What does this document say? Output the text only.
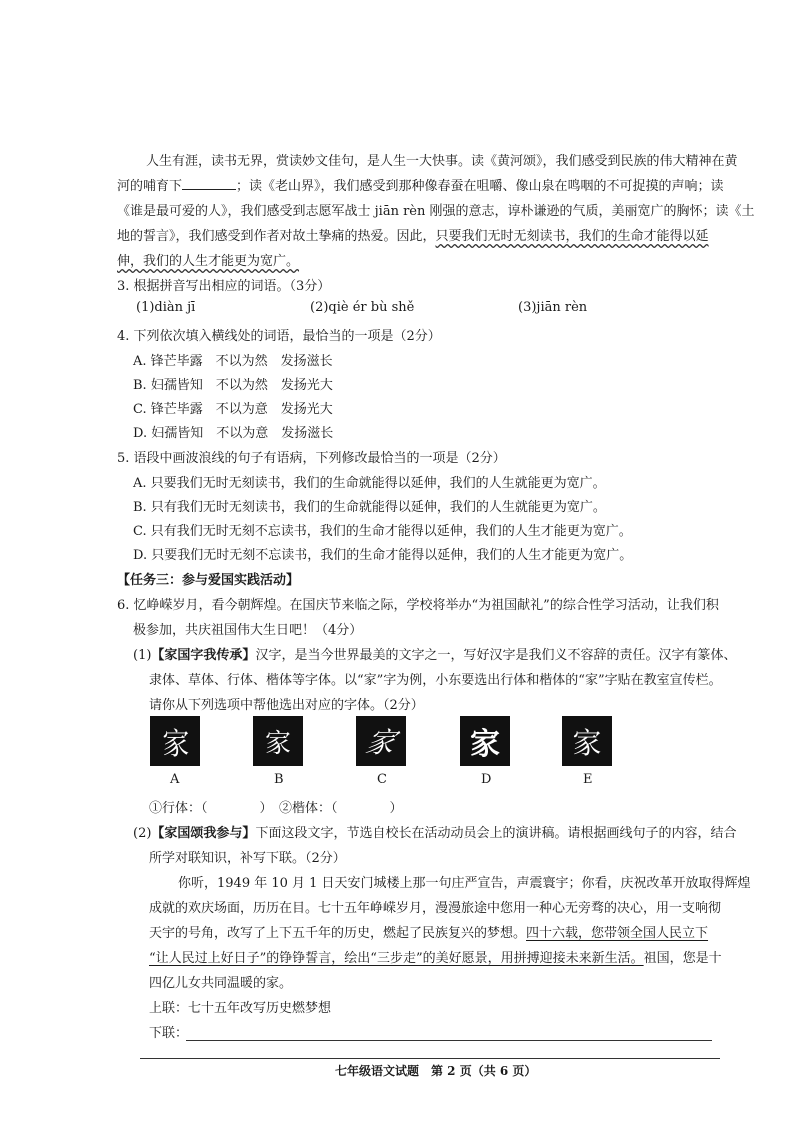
人生有涯，读书无界，赏读妙文佳句，是人生一大快事。读《黄河颂》，我们感受到民族的伟大精神在黄
河的哺育下	；读《老山界》，我们感受到那种像春蚕在咀嚼、像山泉在鸣咽的不可捉摸的声响；读
《谁是最可爱的人》，我们感受到志愿军战士 jiān rèn 刚强的意志，谆朴谦逊的气质，美丽宽广的胸怀；读《土
地的誓言》，我们感受到作者对故土挚痛的热爱。因此，只要我们无时无刻读书，我们的生命才能得以延
伸，我们的人生才能更为宽广。
3. 根据拼音写出相应的词语。（3分）
(1)diàn jī	(2)qiè ér bù shě	(3)jiān rèn
4. 下列依次填入横线处的词语，最恰当的一项是（2分）
A. 锋芒毕露　不以为然　发扬滋长
B. 妇孺皆知　不以为然　发扬光大
C. 锋芒毕露　不以为意　发扬光大
D. 妇孺皆知　不以为意　发扬滋长
5. 语段中画波浪线的句子有语病，下列修改最恰当的一项是（2分）
A. 只要我们无时无刻读书，我们的生命就能得以延伸，我们的人生就能更为宽广。
B. 只有我们无时无刻读书，我们的生命就能得以延伸，我们的人生就能更为宽广。
C. 只有我们无时无刻不忘读书，我们的生命才能得以延伸，我们的人生才能更为宽广。
D. 只要我们无时无刻不忘读书，我们的生命才能得以延伸，我们的人生才能更为宽广。
【任务三：参与爱国实践活动】
6. 忆峥嵘岁月，看今朝辉煌。在国庆节来临之际，学校将举办“为祖国献礼”的综合性学习活动，让我们积
极参加，共庆祖国伟大生日吧！（4分）
(1)【家国字我传承】汉字，是当今世界最美的文字之一，写好汉字是我们义不容辞的责任。汉字有篆体、
隶体、草体、行体、楷体等字体。以“家”字为例，小东要选出行体和楷体的“家”字贴在教室宣传栏。
请你从下列选项中帮他选出对应的字体。（2分）
家
A
家
B
家
C
家
D
家
E
①行体：（　　　　）　②楷体：（　　　　）
(2)【家国颂我参与】下面这段文字，节选自校长在活动动员会上的演讲稿。请根据画线句子的内容，结合
所学对联知识，补写下联。（2分）
你听，1949 年 10 月 1 日天安门城楼上那一句庄严宣告，声震寰宇；你看，庆祝改革开放取得辉煌
成就的欢庆场面，历历在目。七十五年峥嵘岁月，漫漫旅途中您用一种心无旁骛的决心，用一支响彻
天宇的号角，改写了上下五千年的历史，燃起了民族复兴的梦想。四十六载，您带领全国人民立下
“让人民过上好日子”的铮铮誓言，绘出“三步走”的美好愿景，用拼搏迎接未来新生活。祖国，您是十
四亿儿女共同温暖的家。
上联：七十五年改写历史燃梦想
下联：
七年级语文试题　第 2 页（共 6 页）
